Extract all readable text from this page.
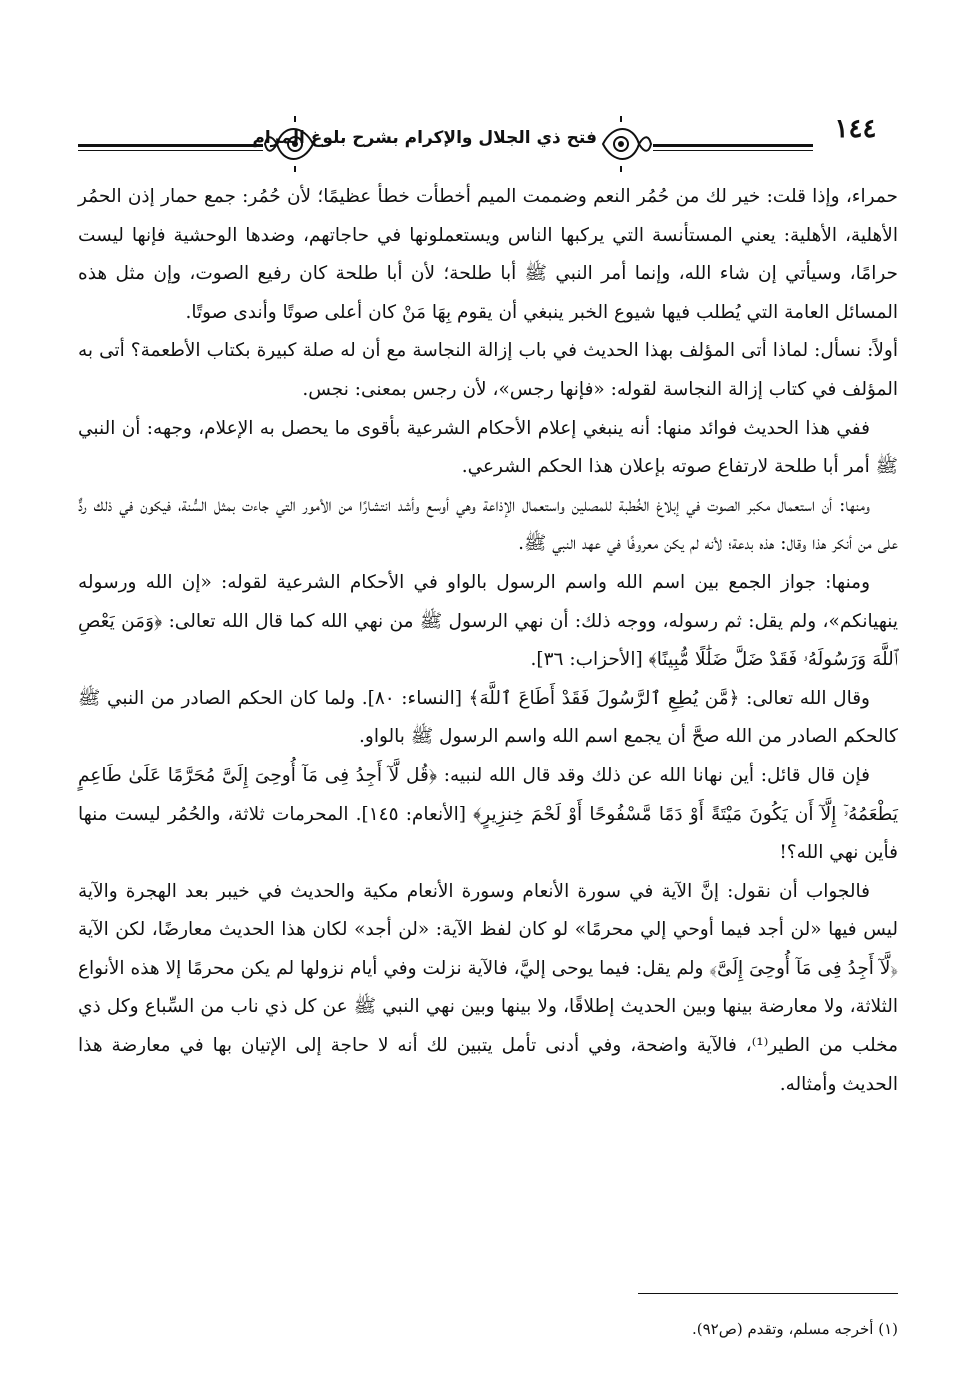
فتح ذي الجلال والإكرام بشرح بلوغ المرام	١٤٤

حمراء، وإذا قلت: خير لك من حُمُر النعم وضممت الميم أخطأت خطأ عظيمًا؛ لأن حُمُر: جمع حمار إذن الحمُر الأهلية، الأهلية: يعني المستأنسة التي يركبها الناس ويستعملونها في حاجاتهم، وضدها الوحشية فإنها ليست حرامًا، وسيأتي إن شاء الله، وإنما أمر النبي ﷺ أبا طلحة؛ لأن أبا طلحة كان رفيع الصوت، وإن مثل هذه المسائل العامة التي يُطلب فيها شيوع الخبر ينبغي أن يقوم بِهَا مَنْ كان أعلى صوتًا وأندى صوتًا.

أولاً: نسأل: لماذا أتى المؤلف بهذا الحديث في باب إزالة النجاسة مع أن له صلة كبيرة بكتاب الأطعمة؟ أتى به المؤلف في كتاب إزالة النجاسة لقوله: «فإنها رجس»، لأن رجس بمعنى: نجس.

ففي هذا الحديث فوائد منها: أنه ينبغي إعلام الأحكام الشرعية بأقوى ما يحصل به الإعلام، وجهه: أن النبي ﷺ أمر أبا طلحة لارتفاع صوته بإعلان هذا الحكم الشرعي.

ومنها: أن استعمال مكبر الصوت في إبلاغ الخُطبة للمصلين واستعمال الإذاعة وهي أوسع وأشد انتشارًا من الأمور التي جاءت بمثل السُّنة، فيكون في ذلك ردٌّ على من أنكر هذا وقال: هذه بدعة؛ لأنه لم يكن معروفًا في عهد النبي ﷺ.

ومنها: جواز الجمع بين اسم الله واسم الرسول بالواو في الأحكام الشرعية لقوله: «إن الله ورسوله ينهيانكم»، ولم يقل: ثم رسوله، ووجه ذلك: أن نهي الرسول ﷺ من نهي الله كما قال الله تعالى: ﴿وَمَن يَعْصِ ٱللَّهَ وَرَسُولَهُۥ فَقَدْ ضَلَّ ضَلَٰلًا مُّبِينًا﴾ [الأحزاب: ٣٦].

وقال الله تعالى: ﴿مَّن يُطِعِ ٱلرَّسُولَ فَقَدْ أَطَاعَ ٱللَّهَ﴾ [النساء: ٨٠]. ولما كان الحكم الصادر من النبي ﷺ كالحكم الصادر من الله صحَّ أن يجمع اسم الله واسم الرسول ﷺ بالواو.

فإن قال قائل: أين نهانا الله عن ذلك وقد قال الله لنبيه: ﴿قُل لَّآ أَجِدُ فِى مَآ أُوحِىَ إِلَىَّ مُحَرَّمًا عَلَىٰ طَاعِمٍ يَطْعَمُهُۥٓ إِلَّآ أَن يَكُونَ مَيْتَةً أَوْ دَمًا مَّسْفُوحًا أَوْ لَحْمَ خِنزِيرٍ﴾ [الأنعام: ١٤٥]. المحرمات ثلاثة، والحُمُر ليست منها فأين نهي الله؟!

فالجواب أن نقول: إنَّ الآية في سورة الأنعام وسورة الأنعام مكية والحديث في خيبر بعد الهجرة والآية ليس فيها «لن أجد فيما أوحي إلي محرمًا» لو كان لفظ الآية: «لن أجد» لكان هذا الحديث معارضًا، لكن الآية ﴿لَّآ أَجِدُ فِى مَآ أُوحِىَ إِلَىَّ﴾ ولم يقل: فيما يوحى إليَّ، فالآية نزلت وفي أيام نزولها لم يكن محرمًا إلا هذه الأنواع الثلاثة، ولا معارضة بينها وبين الحديث إطلاقًا، ولا بينها وبين نهي النبي ﷺ عن كل ذي ناب من السِّباع وكل ذي مخلب من الطير⁽¹⁾، فالآية واضحة، وفي أدنى تأمل يتبين لك أنه لا حاجة إلى الإتيان بها في معارضة هذا الحديث وأمثاله.

(١) أخرجه مسلم، وتقدم (ص٩٢).
